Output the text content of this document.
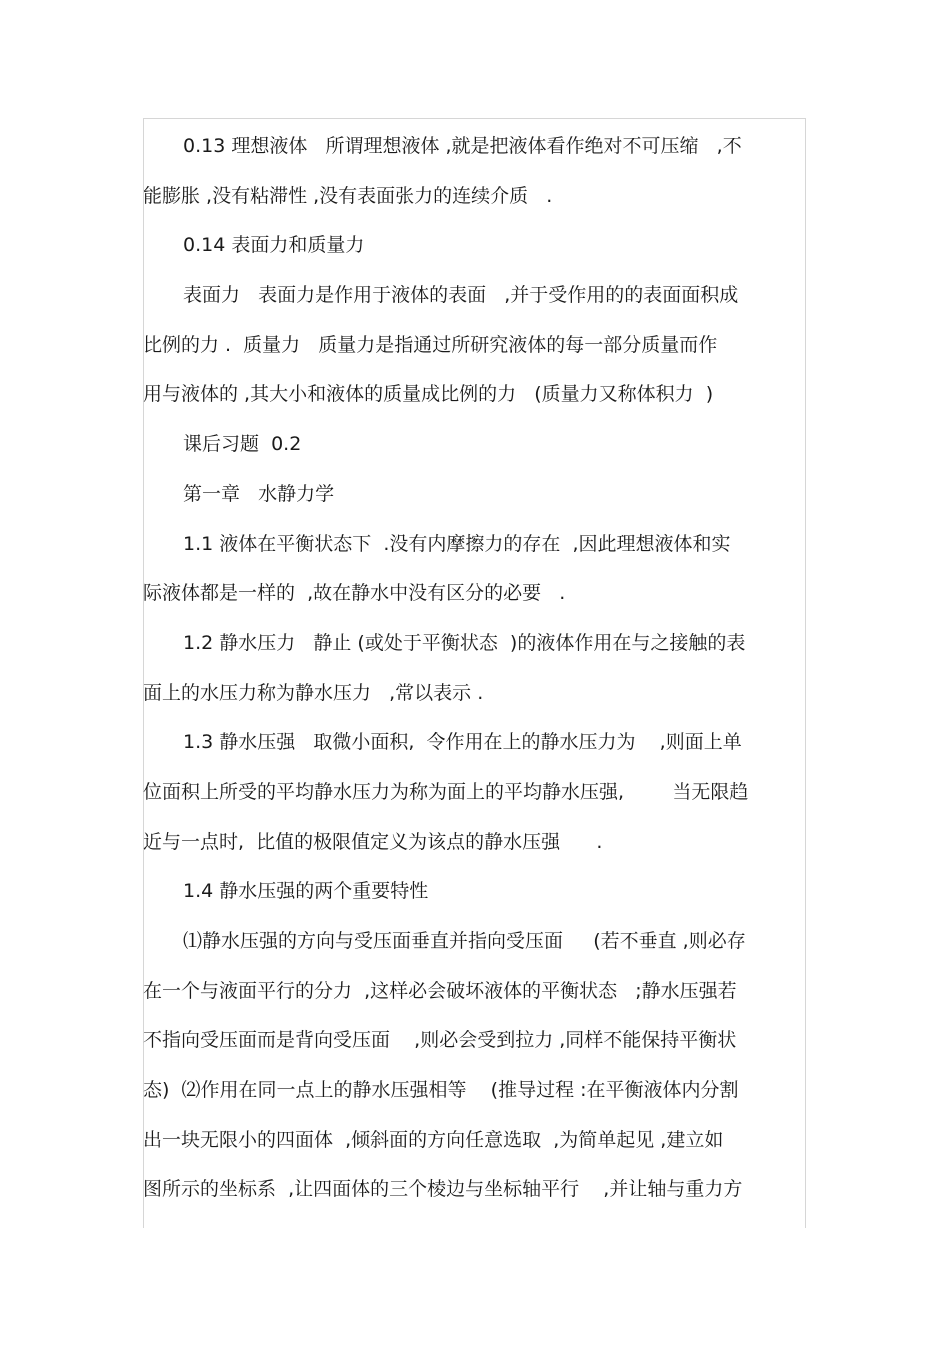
0.13 理想液体   所谓理想液体 ,就是把液体看作绝对不可压缩   ,不
能膨胀 ,没有粘滞性 ,没有表面张力的连续介质   .
0.14 表面力和质量力
表面力   表面力是作用于液体的表面   ,并于受作用的的表面面积成
比例的力 .  质量力   质量力是指通过所研究液体的每一部分质量而作
用与液体的 ,其大小和液体的质量成比例的力   (质量力又称体积力  )
课后习题  0.2
第一章   水静力学
1.1 液体在平衡状态下  .没有内摩擦力的存在  ,因此理想液体和实
际液体都是一样的  ,故在静水中没有区分的必要   .
1.2 静水压力   静止 (或处于平衡状态  )的液体作用在与之接触的表
面上的水压力称为静水压力   ,常以表示 .
1.3 静水压强   取微小面积,  令作用在上的静水压力为    ,则面上单
位面积上所受的平均静水压力为称为面上的平均静水压强,        当无限趋
近与一点时,  比值的极限值定义为该点的静水压强      .
1.4 静水压强的两个重要特性
⑴静水压强的方向与受压面垂直并指向受压面     (若不垂直 ,则必存
在一个与液面平行的分力  ,这样必会破坏液体的平衡状态   ;静水压强若
不指向受压面而是背向受压面    ,则必会受到拉力 ,同样不能保持平衡状
态)  ⑵作用在同一点上的静水压强相等    (推导过程 :在平衡液体内分割
出一块无限小的四面体  ,倾斜面的方向任意选取  ,为简单起见 ,建立如
图所示的坐标系  ,让四面体的三个棱边与坐标轴平行    ,并让轴与重力方
